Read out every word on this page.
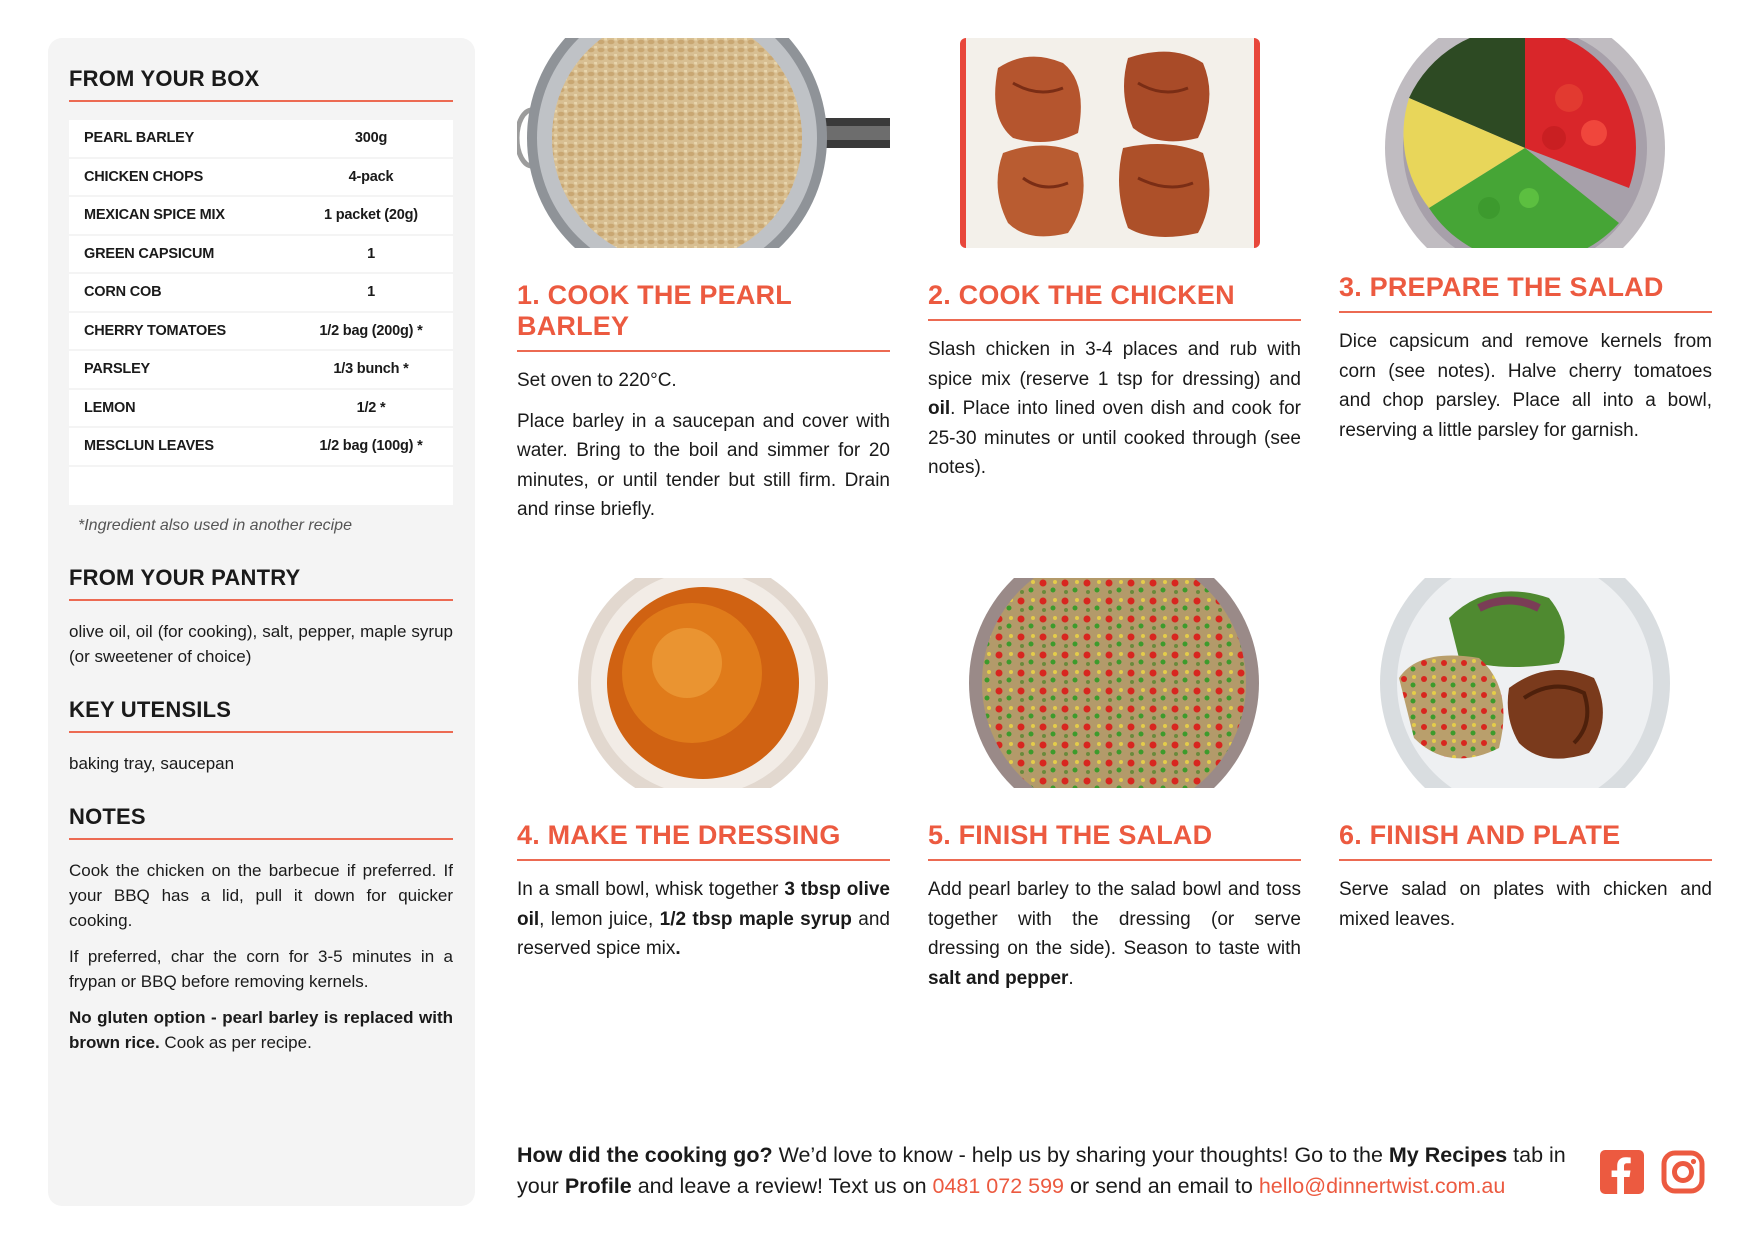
FROM YOUR BOX
PEARL BARLEY	300g
CHICKEN CHOPS	4-pack
MEXICAN SPICE MIX	1 packet (20g)
GREEN CAPSICUM	1
CORN COB	1
CHERRY TOMATOES	1/2 bag (200g) *
PARSLEY	1/3 bunch *
LEMON	1/2 *
MESCLUN LEAVES	1/2 bag (100g) *
*Ingredient also used in another recipe
FROM YOUR PANTRY
olive oil, oil (for cooking), salt, pepper, maple syrup (or sweetener of choice)
KEY UTENSILS
baking tray, saucepan
NOTES

Cook the chicken on the barbecue if preferred. If your BBQ has a lid, pull it down for quicker cooking.

If preferred, char the corn for 3-5 minutes in a frypan or BBQ before removing kernels.

No gluten option - pearl barley is replaced with brown rice. Cook as per recipe.

1. COOK THE PEARL BARLEY

Set oven to 220°C.

Place barley in a saucepan and cover with water. Bring to the boil and simmer for 20 minutes, or until tender but still firm. Drain and rinse briefly.

2. COOK THE CHICKEN

Slash chicken in 3-4 places and rub with spice mix (reserve 1 tsp for dressing) and oil. Place into lined oven dish and cook for 25-30 minutes or until cooked through (see notes).

3. PREPARE THE SALAD

Dice capsicum and remove kernels from corn (see notes). Halve cherry tomatoes and chop parsley. Place all into a bowl, reserving a little parsley for garnish.

4. MAKE THE DRESSING

In a small bowl, whisk together 3 tbsp olive oil, lemon juice, 1/2 tbsp maple syrup and reserved spice mix.

5. FINISH THE SALAD

Add pearl barley to the salad bowl and toss together with the dressing (or serve dressing on the side). Season to taste with salt and pepper.

6. FINISH AND PLATE

Serve salad on plates with chicken and mixed leaves.

How did the cooking go? We’d love to know - help us by sharing your thoughts! Go to the My Recipes tab in your Profile and leave a review! Text us on 0481 072 599 or send an email to hello@dinnertwist.com.au
